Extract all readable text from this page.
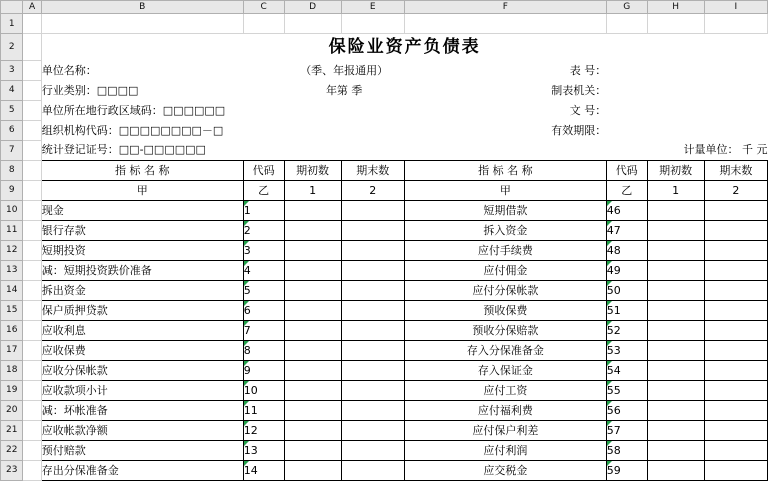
	A	B	C	D	E	F	G	H	I
1									
2		保险业资产负债表							

3		单位名称：		（季、年报通用）		表 号：			
4		行业类别：□□□□		年第 季		制表机关：			
5		单位所在地行政区域码：□□□□□□				文 号：			
6		组织机构代码：□□□□□□□□－□				有效期限：			
7		统计登记证号：□□-□□□□□□				计量单位： 千 元			
8		指 标 名 称	代码	期初数	期末数	指 标 名 称	代码	期初数	期末数
9		甲	乙	1	2	甲	乙	1	2
10		现金	1			短期借款	46		
11		银行存款	2			拆入资金	47		
12		短期投资	3			应付手续费	48		
13		减：短期投资跌价准备	4			应付佣金	49		
14		拆出资金	5			应付分保帐款	50		
15		保户质押贷款	6			预收保费	51		
16		应收利息	7			预收分保赔款	52		
17		应收保费	8			存入分保准备金	53		
18		应收分保帐款	9			存入保证金	54		
19		应收款项小计	10			应付工资	55		
20		减：坏帐准备	11			应付福利费	56		
21		应收帐款净额	12			应付保户利差	57		
22		预付赔款	13			应付利润	58		
23		存出分保准备金	14			应交税金	59		
